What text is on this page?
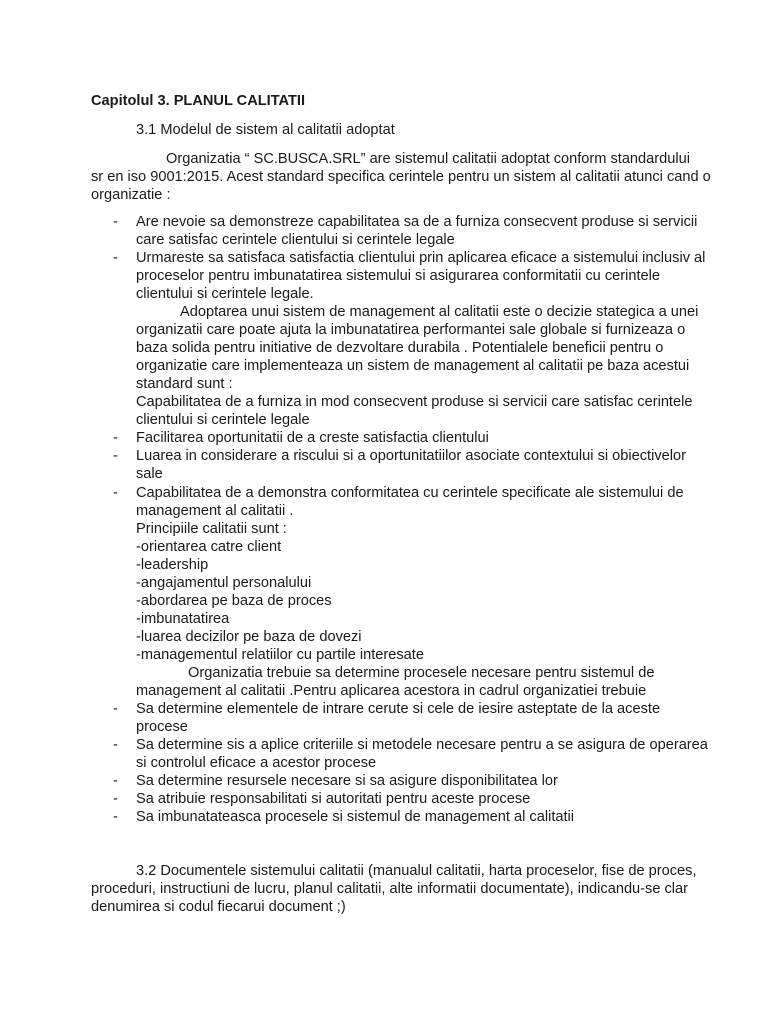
Capitolul 3. PLANUL CALITATII
3.1 Modelul de sistem al calitatii adoptat
Organizatia “ SC.BUSCA.SRL” are sistemul calitatii adoptat conform standardului
sr en iso 9001:2015. Acest standard specifica cerintele pentru un sistem al calitatii atunci cand o
organizatie :
- Are nevoie sa demonstreze capabilitatea sa de a furniza consecvent produse si servicii
care satisfac cerintele clientului si cerintele legale
- Urmareste sa satisfaca satisfactia clientului prin aplicarea eficace a sistemului inclusiv al
proceselor pentru imbunatatirea sistemului si asigurarea conformitatii cu cerintele
clientului si cerintele legale.
Adoptarea unui sistem de management al calitatii este o decizie stategica a unei
organizatii care poate ajuta la imbunatatirea performantei sale globale si furnizeaza o
baza solida pentru initiative de dezvoltare durabila . Potentialele beneficii pentru o
organizatie care implementeaza un sistem de management al calitatii pe baza acestui
standard sunt :
Capabilitatea de a furniza in mod consecvent produse si servicii care satisfac cerintele
clientului si cerintele legale
- Facilitarea oportunitatii de a creste satisfactia clientului
- Luarea in considerare a riscului si a oportunitatiilor asociate contextului si obiectivelor
sale
- Capabilitatea de a demonstra conformitatea cu cerintele specificate ale sistemului de
management al calitatii .
Principiile calitatii sunt :
-orientarea catre client
-leadership
-angajamentul personalului
-abordarea pe baza de proces
-imbunatatirea
-luarea decizilor pe baza de dovezi
-managementul relatiilor cu partile interesate
Organizatia trebuie sa determine procesele necesare pentru sistemul de
management al calitatii .Pentru aplicarea acestora in cadrul organizatiei trebuie
- Sa determine elementele de intrare cerute si cele de iesire asteptate de la aceste
procese
- Sa determine sis a aplice criteriile si metodele necesare pentru a se asigura de operarea
si controlul eficace a acestor procese
- Sa determine resursele necesare si sa asigure disponibilitatea lor
- Sa atribuie responsabilitati si autoritati pentru aceste procese
- Sa imbunatateasca procesele si sistemul de management al calitatii
3.2 Documentele sistemului calitatii (manualul calitatii, harta proceselor, fise de proces,
proceduri, instructiuni de lucru, planul calitatii, alte informatii documentate), indicandu-se clar
denumirea si codul fiecarui document ;)
